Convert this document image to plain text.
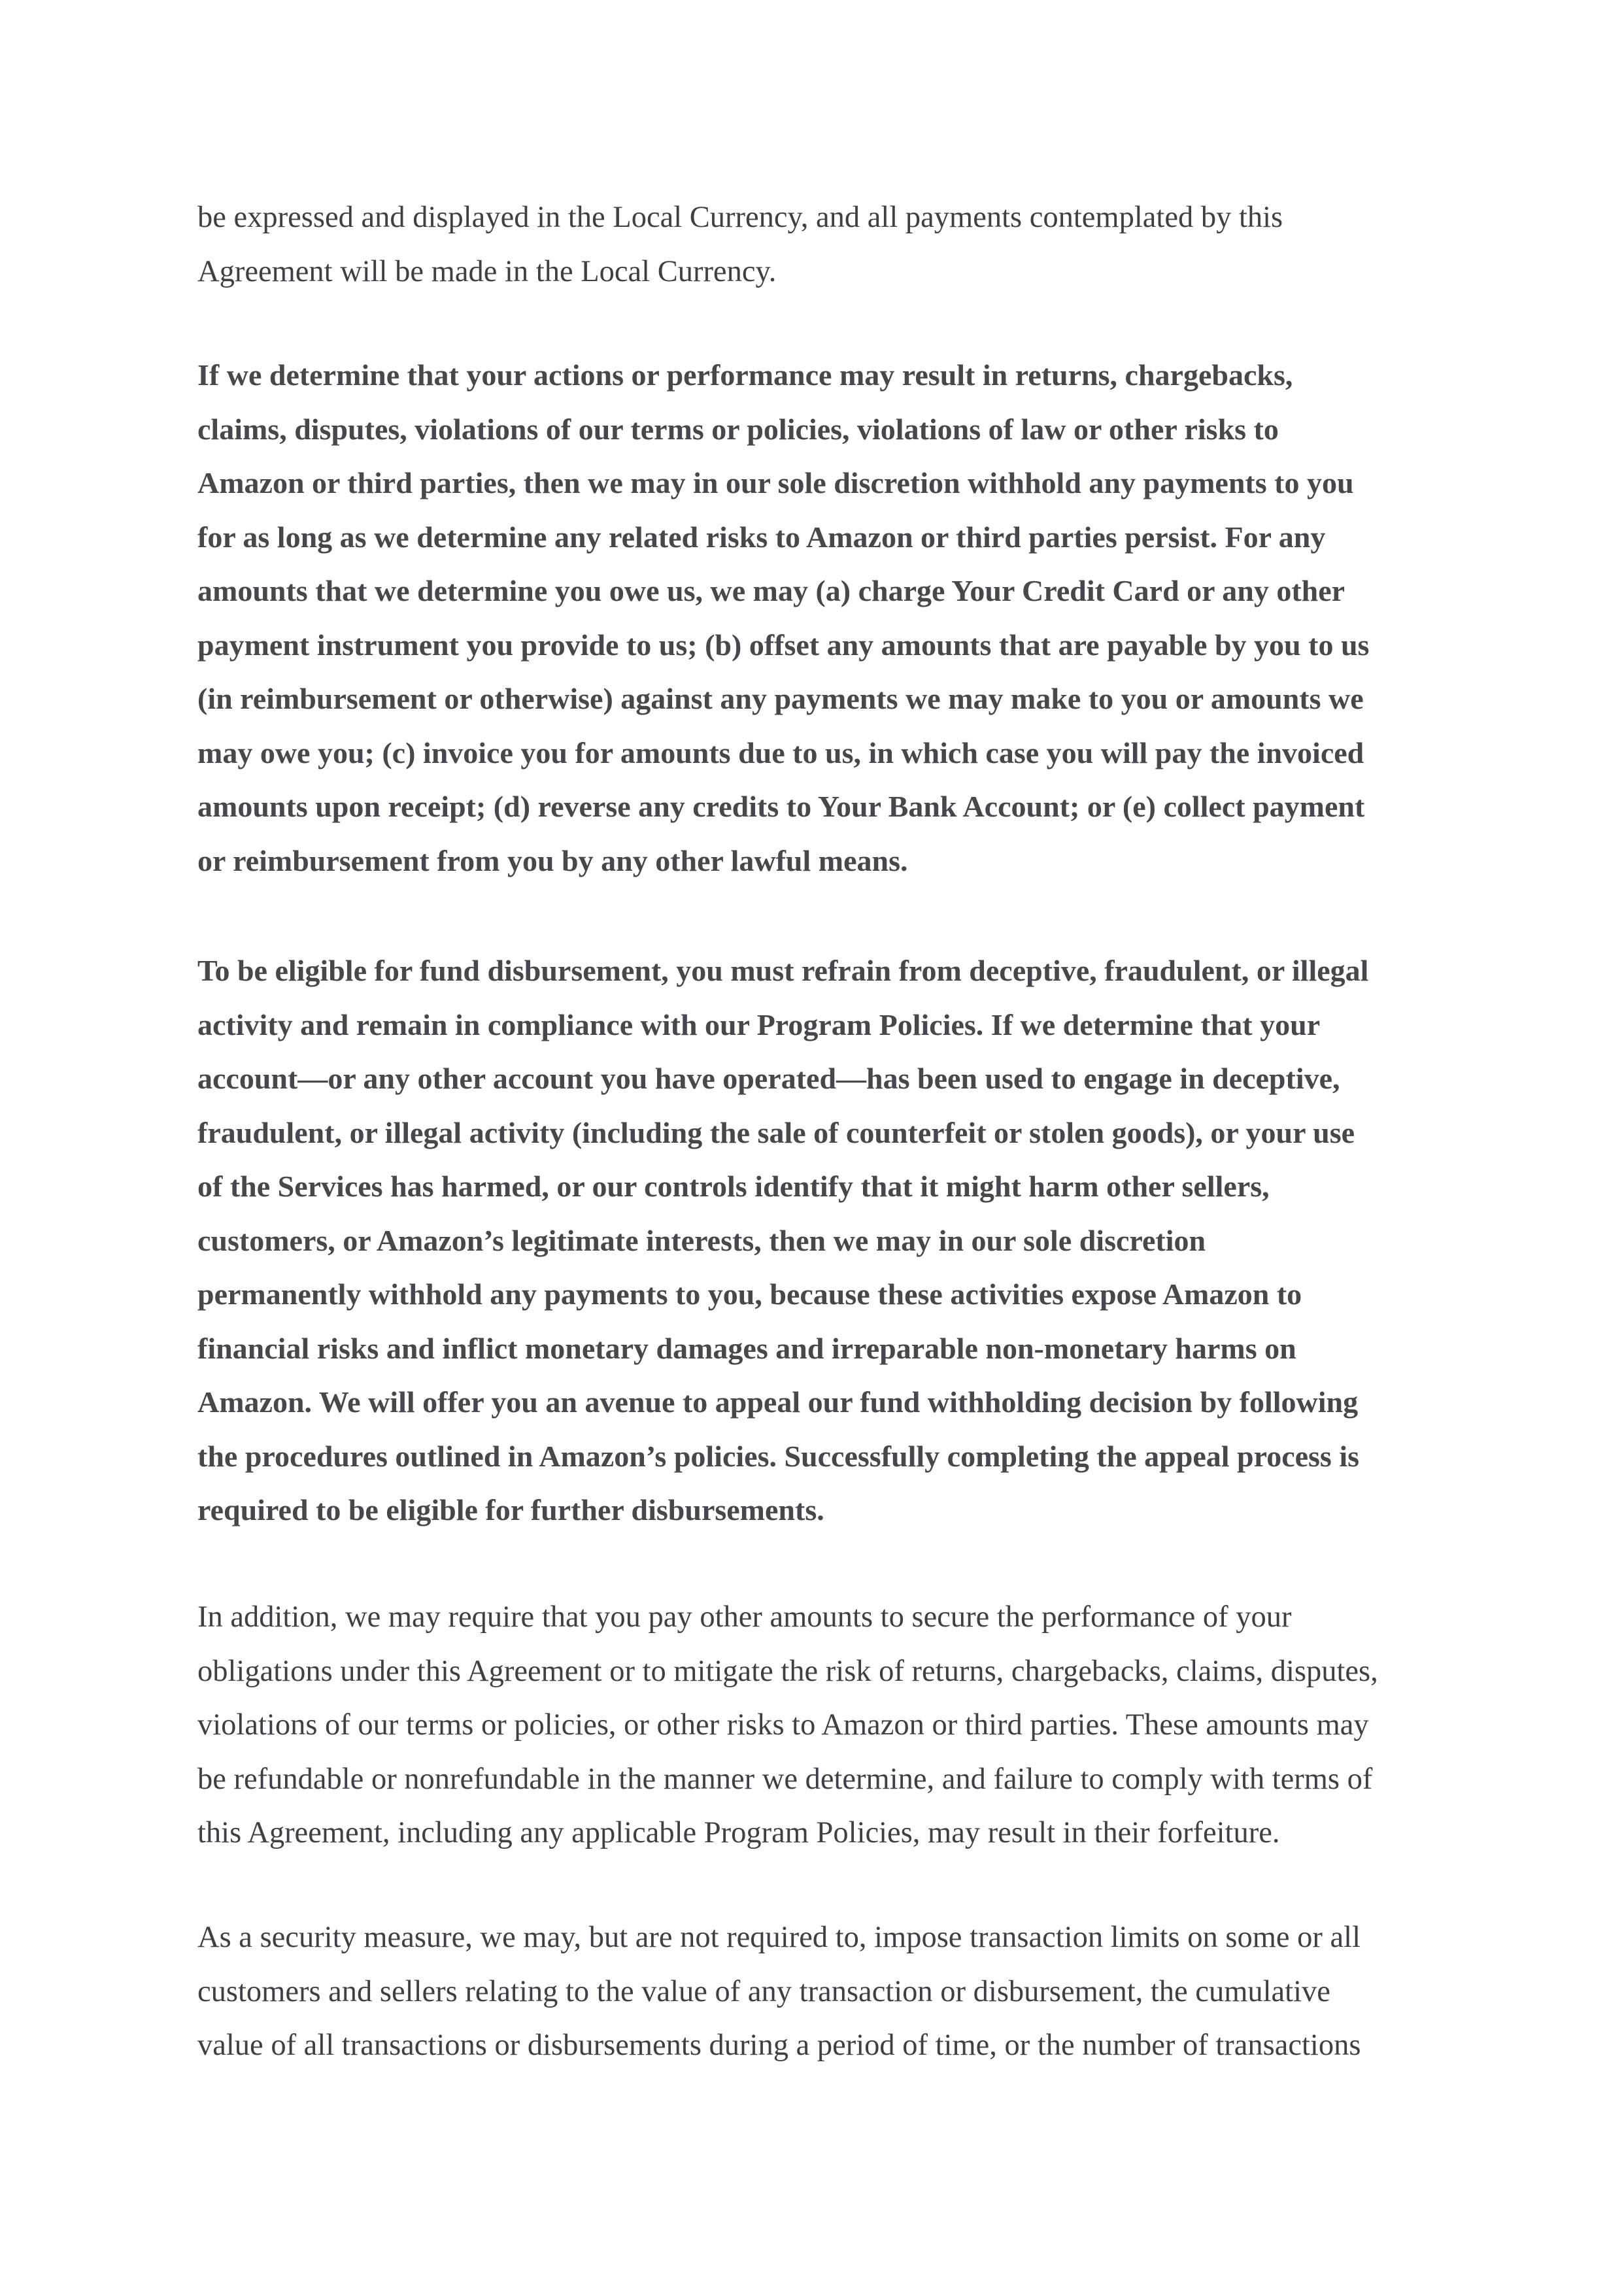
be expressed and displayed in the Local Currency, and all payments contemplated by this
Agreement will be made in the Local Currency.

If we determine that your actions or performance may result in returns, chargebacks,
claims, disputes, violations of our terms or policies, violations of law or other risks to
Amazon or third parties, then we may in our sole discretion withhold any payments to you
for as long as we determine any related risks to Amazon or third parties persist. For any
amounts that we determine you owe us, we may (a) charge Your Credit Card or any other
payment instrument you provide to us; (b) offset any amounts that are payable by you to us
(in reimbursement or otherwise) against any payments we may make to you or amounts we
may owe you; (c) invoice you for amounts due to us, in which case you will pay the invoiced
amounts upon receipt; (d) reverse any credits to Your Bank Account; or (e) collect payment
or reimbursement from you by any other lawful means.

To be eligible for fund disbursement, you must refrain from deceptive, fraudulent, or illegal
activity and remain in compliance with our Program Policies. If we determine that your
account—or any other account you have operated—has been used to engage in deceptive,
fraudulent, or illegal activity (including the sale of counterfeit or stolen goods), or your use
of the Services has harmed, or our controls identify that it might harm other sellers,
customers, or Amazon’s legitimate interests, then we may in our sole discretion
permanently withhold any payments to you, because these activities expose Amazon to
financial risks and inflict monetary damages and irreparable non-monetary harms on
Amazon. We will offer you an avenue to appeal our fund withholding decision by following
the procedures outlined in Amazon’s policies. Successfully completing the appeal process is
required to be eligible for further disbursements.

In addition, we may require that you pay other amounts to secure the performance of your
obligations under this Agreement or to mitigate the risk of returns, chargebacks, claims, disputes,
violations of our terms or policies, or other risks to Amazon or third parties. These amounts may
be refundable or nonrefundable in the manner we determine, and failure to comply with terms of
this Agreement, including any applicable Program Policies, may result in their forfeiture.

As a security measure, we may, but are not required to, impose transaction limits on some or all
customers and sellers relating to the value of any transaction or disbursement, the cumulative
value of all transactions or disbursements during a period of time, or the number of transactions
